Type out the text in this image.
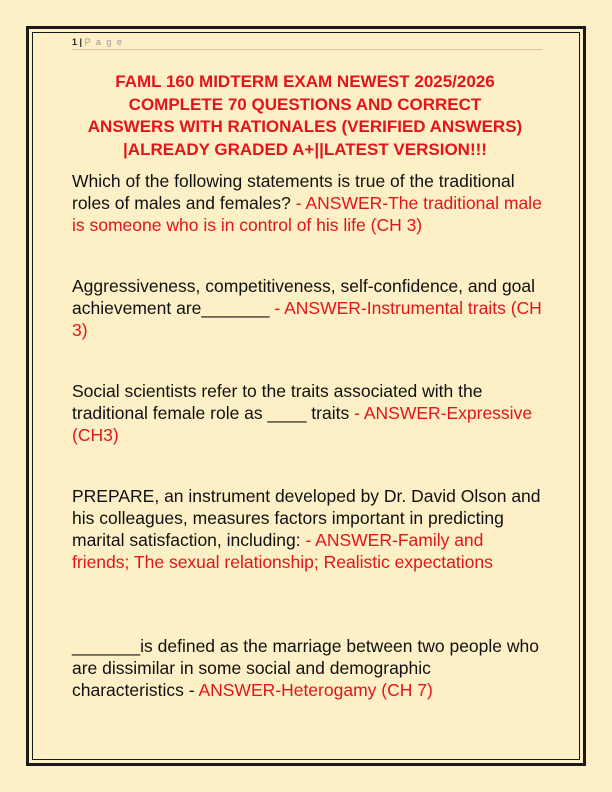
1 | P a g e
FAML 160 MIDTERM EXAM NEWEST 2025/2026
COMPLETE 70 QUESTIONS AND CORRECT
ANSWERS WITH RATIONALES (VERIFIED ANSWERS)
|ALREADY GRADED A+||LATEST VERSION!!!
Which of the following statements is true of the traditional roles of males and females? - ANSWER-The traditional male is someone who is in control of his life (CH 3)
Aggressiveness, competitiveness, self-confidence, and goal achievement are_______ - ANSWER-Instrumental traits (CH 3)
Social scientists refer to the traits associated with the traditional female role as ____ traits - ANSWER-Expressive (CH3)
PREPARE, an instrument developed by Dr. David Olson and his colleagues, measures factors important in predicting marital satisfaction, including: - ANSWER-Family and friends; The sexual relationship; Realistic expectations
_______is defined as the marriage between two people who are dissimilar in some social and demographic characteristics - ANSWER-Heterogamy (CH 7)
